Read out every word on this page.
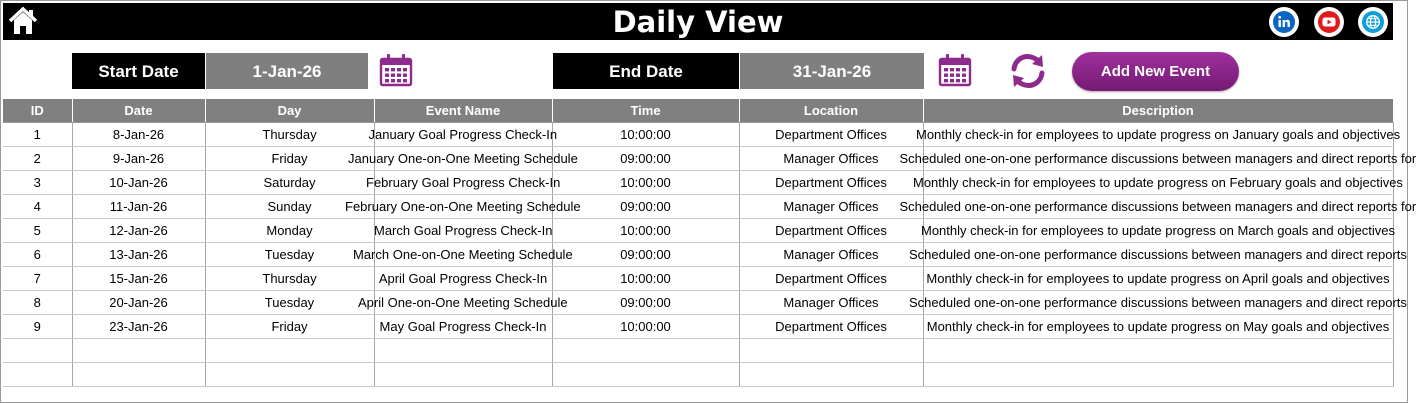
Daily View
Start Date	1-Jan-26	End Date	31-Jan-26	Add New Event
ID	Date	Day	Event Name	Time	Location	Description
1	8-Jan-26	Thursday	January Goal Progress Check-In	10:00:00	Department Offices	Monthly check-in for employees to update progress on January goals and objectives
2	9-Jan-26	Friday	January One-on-One Meeting Schedule	09:00:00	Manager Offices	Scheduled one-on-one performance discussions between managers and direct reports for
3	10-Jan-26	Saturday	February Goal Progress Check-In	10:00:00	Department Offices	Monthly check-in for employees to update progress on February goals and objectives
4	11-Jan-26	Sunday	February One-on-One Meeting Schedule	09:00:00	Manager Offices	Scheduled one-on-one performance discussions between managers and direct reports for
5	12-Jan-26	Monday	March Goal Progress Check-In	10:00:00	Department Offices	Monthly check-in for employees to update progress on March goals and objectives
6	13-Jan-26	Tuesday	March One-on-One Meeting Schedule	09:00:00	Manager Offices	Scheduled one-on-one performance discussions between managers and direct reports
7	15-Jan-26	Thursday	April Goal Progress Check-In	10:00:00	Department Offices	Monthly check-in for employees to update progress on April goals and objectives
8	20-Jan-26	Tuesday	April One-on-One Meeting Schedule	09:00:00	Manager Offices	Scheduled one-on-one performance discussions between managers and direct reports
9	23-Jan-26	Friday	May Goal Progress Check-In	10:00:00	Department Offices	Monthly check-in for employees to update progress on May goals and objectives
